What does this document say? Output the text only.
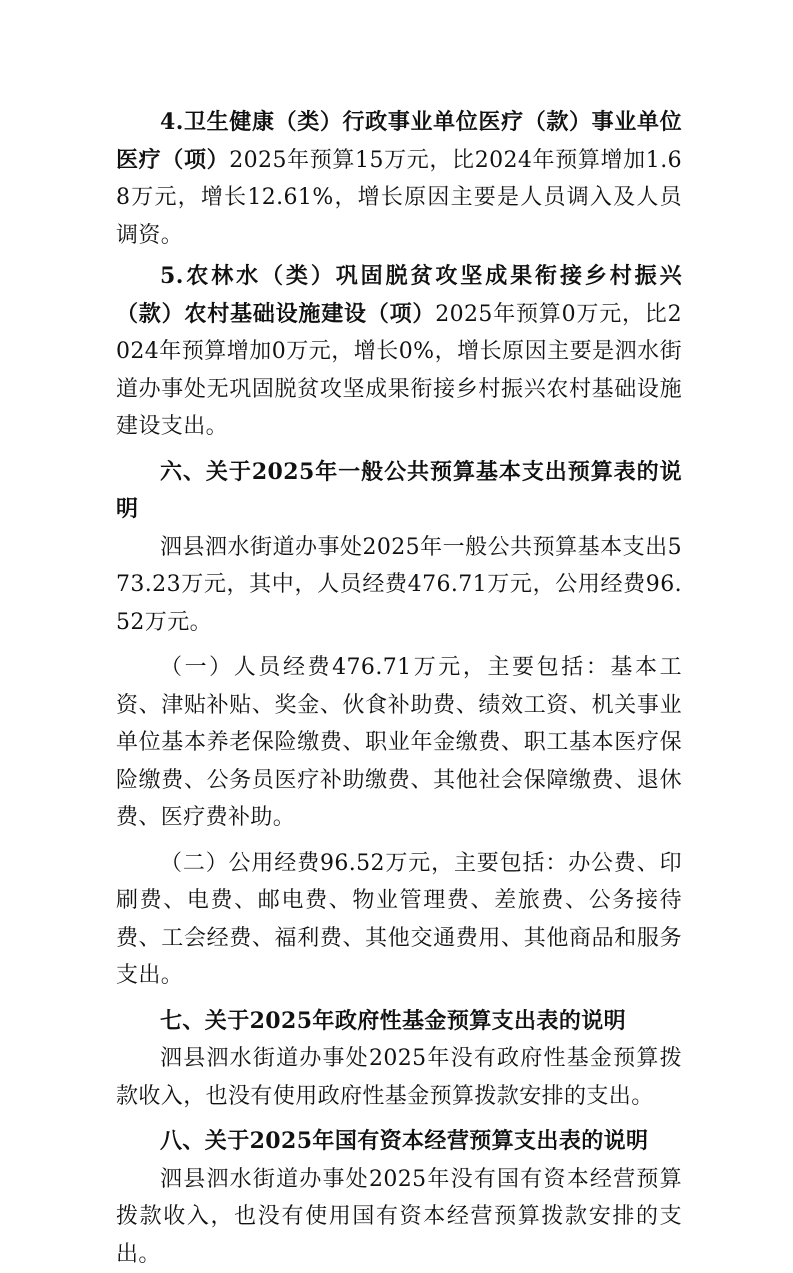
4.卫生健康（类）行政事业单位医疗（款）事业单位医疗（项）2025年预算15万元，比2024年预算增加1.68万元，增长12.61%，增长原因主要是人员调入及人员调资。

5.农林水（类）巩固脱贫攻坚成果衔接乡村振兴（款）农村基础设施建设（项）2025年预算0万元，比2024年预算增加0万元，增长0%，增长原因主要是泗水街道办事处无巩固脱贫攻坚成果衔接乡村振兴农村基础设施建设支出。

六、关于2025年一般公共预算基本支出预算表的说明

泗县泗水街道办事处2025年一般公共预算基本支出573.23万元，其中，人员经费476.71万元，公用经费96.52万元。

（一）人员经费476.71万元，主要包括：基本工资、津贴补贴、奖金、伙食补助费、绩效工资、机关事业单位基本养老保险缴费、职业年金缴费、职工基本医疗保险缴费、公务员医疗补助缴费、其他社会保障缴费、退休费、医疗费补助。

（二）公用经费96.52万元，主要包括：办公费、印刷费、电费、邮电费、物业管理费、差旅费、公务接待费、工会经费、福利费、其他交通费用、其他商品和服务支出。

七、关于2025年政府性基金预算支出表的说明

泗县泗水街道办事处2025年没有政府性基金预算拨款收入，也没有使用政府性基金预算拨款安排的支出。

八、关于2025年国有资本经营预算支出表的说明

泗县泗水街道办事处2025年没有国有资本经营预算拨款收入，也没有使用国有资本经营预算拨款安排的支出。
